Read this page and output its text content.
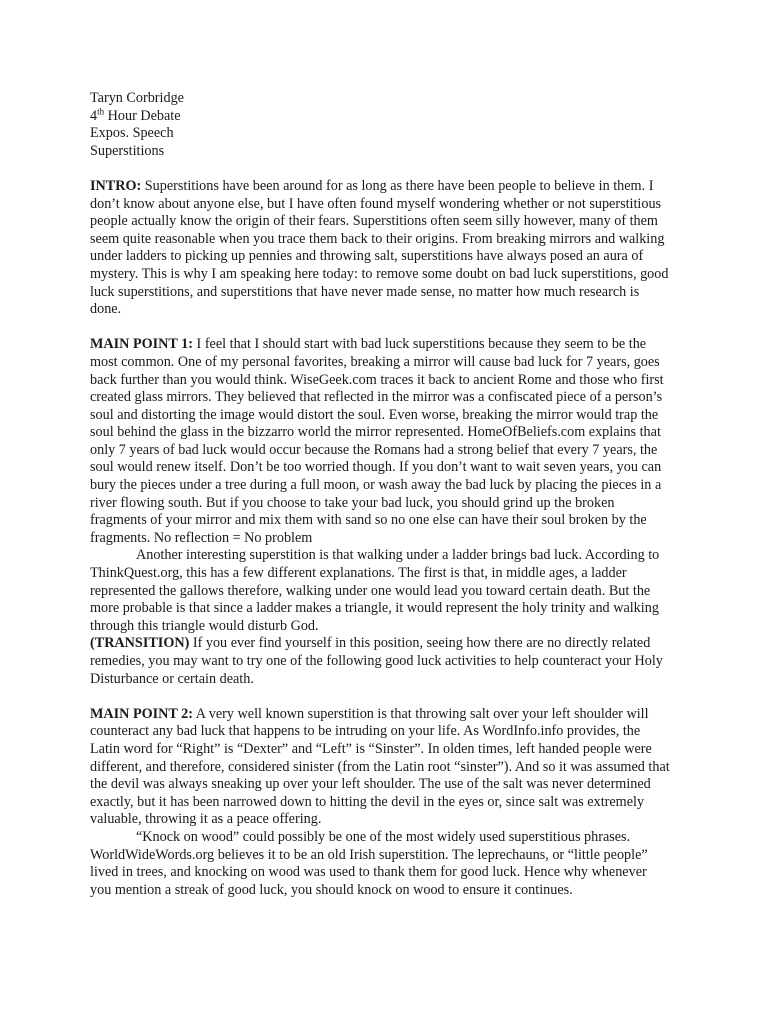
Taryn Corbridge
4th Hour Debate
Expos. Speech
Superstitions

INTRO: Superstitions have been around for as long as there have been people to believe in them. I don’t know about anyone else, but I have often found myself wondering whether or not superstitious people actually know the origin of their fears. Superstitions often seem silly however, many of them seem quite reasonable when you trace them back to their origins. From breaking mirrors and walking under ladders to picking up pennies and throwing salt, superstitions have always posed an aura of mystery. This is why I am speaking here today: to remove some doubt on bad luck superstitions, good luck superstitions, and superstitions that have never made sense, no matter how much research is done.

MAIN POINT 1: I feel that I should start with bad luck superstitions because they seem to be the most common. One of my personal favorites, breaking a mirror will cause bad luck for 7 years, goes back further than you would think. WiseGeek.com traces it back to ancient Rome and those who first created glass mirrors. They believed that reflected in the mirror was a confiscated piece of a person’s soul and distorting the image would distort the soul. Even worse, breaking the mirror would trap the soul behind the glass in the bizzarro world the mirror represented. HomeOfBeliefs.com explains that only 7 years of bad luck would occur because the Romans had a strong belief that every 7 years, the soul would renew itself. Don’t be too worried though. If you don’t want to wait seven years, you can bury the pieces under a tree during a full moon, or wash away the bad luck by placing the pieces in a river flowing south. But if you choose to take your bad luck, you should grind up the broken fragments of your mirror and mix them with sand so no one else can have their soul broken by the fragments. No reflection = No problem

Another interesting superstition is that walking under a ladder brings bad luck. According to ThinkQuest.org, this has a few different explanations. The first is that, in middle ages, a ladder represented the gallows therefore, walking under one would lead you toward certain death. But the more probable is that since a ladder makes a triangle, it would represent the holy trinity and walking through this triangle would disturb God.

(TRANSITION) If you ever find yourself in this position, seeing how there are no directly related remedies, you may want to try one of the following good luck activities to help counteract your Holy Disturbance or certain death.

MAIN POINT 2: A very well known superstition is that throwing salt over your left shoulder will counteract any bad luck that happens to be intruding on your life. As WordInfo.info provides, the Latin word for “Right” is “Dexter” and “Left” is “Sinster”. In olden times, left handed people were different, and therefore, considered sinister (from the Latin root “sinster”). And so it was assumed that the devil was always sneaking up over your left shoulder. The use of the salt was never determined exactly, but it has been narrowed down to hitting the devil in the eyes or, since salt was extremely valuable, throwing it as a peace offering.

“Knock on wood” could possibly be one of the most widely used superstitious phrases. WorldWideWords.org believes it to be an old Irish superstition. The leprechauns, or “little people” lived in trees, and knocking on wood was used to thank them for good luck. Hence why whenever you mention a streak of good luck, you should knock on wood to ensure it continues.
